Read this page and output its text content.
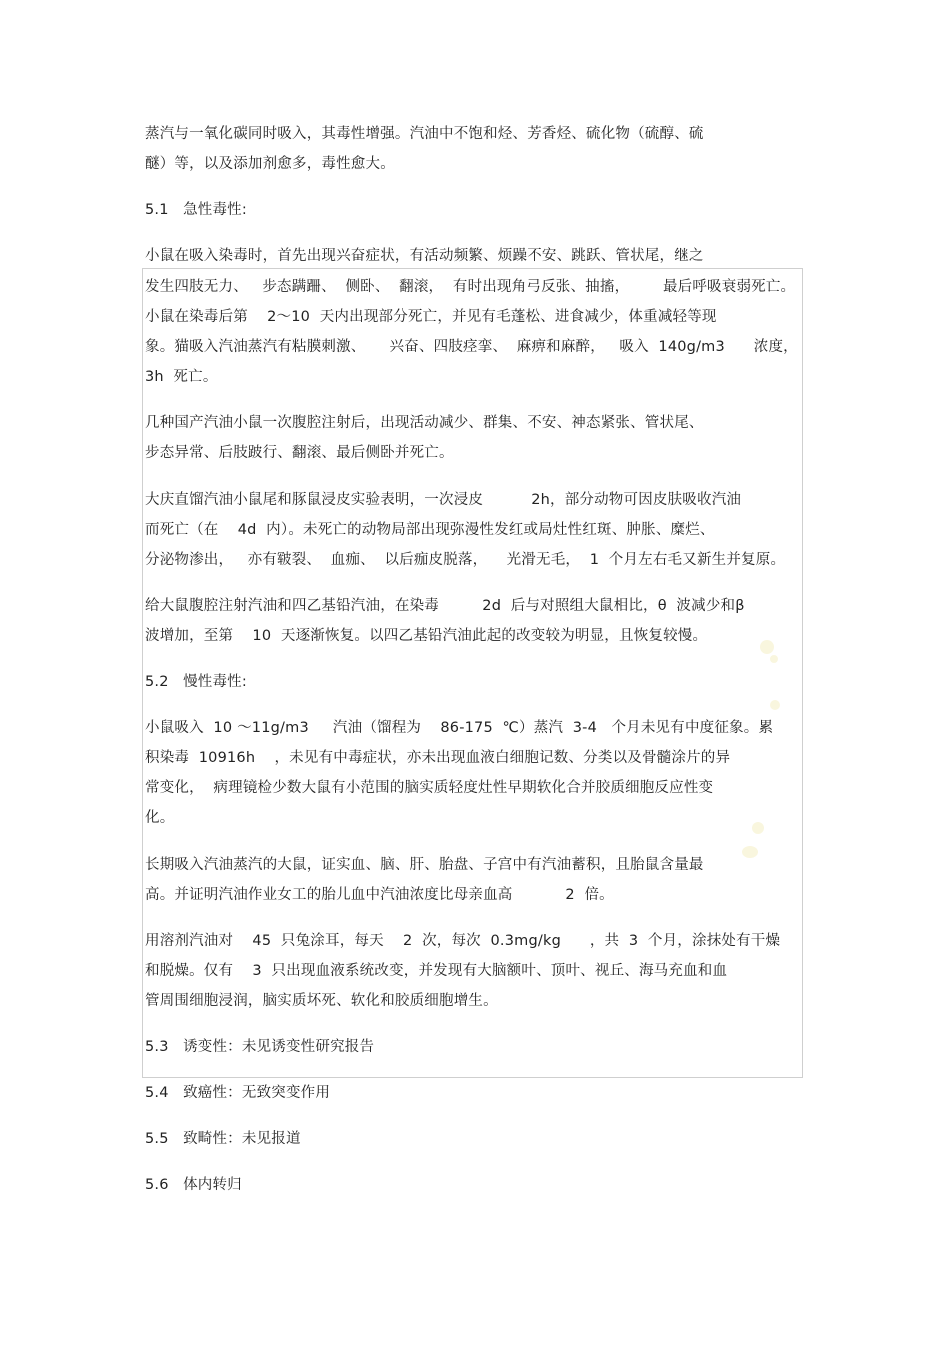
蒸汽与一氧化碳同时吸入，其毒性增强。汽油中不饱和烃、芳香烃、硫化物（硫醇、硫
醚）等，以及添加剂愈多，毒性愈大。
5.1   急性毒性:
小鼠在吸入染毒时，首先出现兴奋症状，有活动频繁、烦躁不安、跳跃、管状尾，继之
发生四肢无力、   步态蹒跚、  侧卧、  翻滚，  有时出现角弓反张、抽搐，       最后呼吸衰弱死亡。
小鼠在染毒后第    2～10  天内出现部分死亡，并见有毛蓬松、进食减少，体重减轻等现
象。猫吸入汽油蒸汽有粘膜刺激、     兴奋、四肢痉挛、  麻痹和麻醉，   吸入  140g/m3      浓度，
3h  死亡。
几种国产汽油小鼠一次腹腔注射后，出现活动减少、群集、不安、神态紧张、管状尾、
步态异常、后肢跛行、翻滚、最后侧卧并死亡。
大庆直馏汽油小鼠尾和豚鼠浸皮实验表明，一次浸皮          2h，部分动物可因皮肤吸收汽油
而死亡（在    4d  内）。未死亡的动物局部出现弥漫性发红或局灶性红斑、肿胀、糜烂、
分泌物渗出，   亦有皲裂、  血痂、  以后痂皮脱落，    光滑无毛，  1  个月左右毛又新生并复原。
给大鼠腹腔注射汽油和四乙基铅汽油，在染毒         2d  后与对照组大鼠相比，θ  波减少和β
波增加，至第    10  天逐渐恢复。以四乙基铅汽油此起的改变较为明显，且恢复较慢。
5.2   慢性毒性:
小鼠吸入  10 ～11g/m3     汽油（馏程为    86-175  ℃）蒸汽  3-4   个月未见有中度征象。累
积染毒  10916h    ，未见有中毒症状，亦未出现血液白细胞记数、分类以及骨髓涂片的异
常变化，  病理镜检少数大鼠有小范围的脑实质轻度灶性早期软化合并胶质细胞反应性变
化。
长期吸入汽油蒸汽的大鼠，证实血、脑、肝、胎盘、子宫中有汽油蓄积，且胎鼠含量最
高。并证明汽油作业女工的胎儿血中汽油浓度比母亲血高           2  倍。
用溶剂汽油对    45  只兔涂耳，每天    2  次，每次  0.3mg/kg      ，共  3  个月，涂抹处有干燥
和脱燥。仅有    3  只出现血液系统改变，并发现有大脑额叶、顶叶、视丘、海马充血和血
管周围细胞浸润，脑实质坏死、软化和胶质细胞增生。
5.3   诱变性：未见诱变性研究报告
5.4   致癌性：无致突变作用
5.5   致畸性：未见报道
5.6   体内转归
